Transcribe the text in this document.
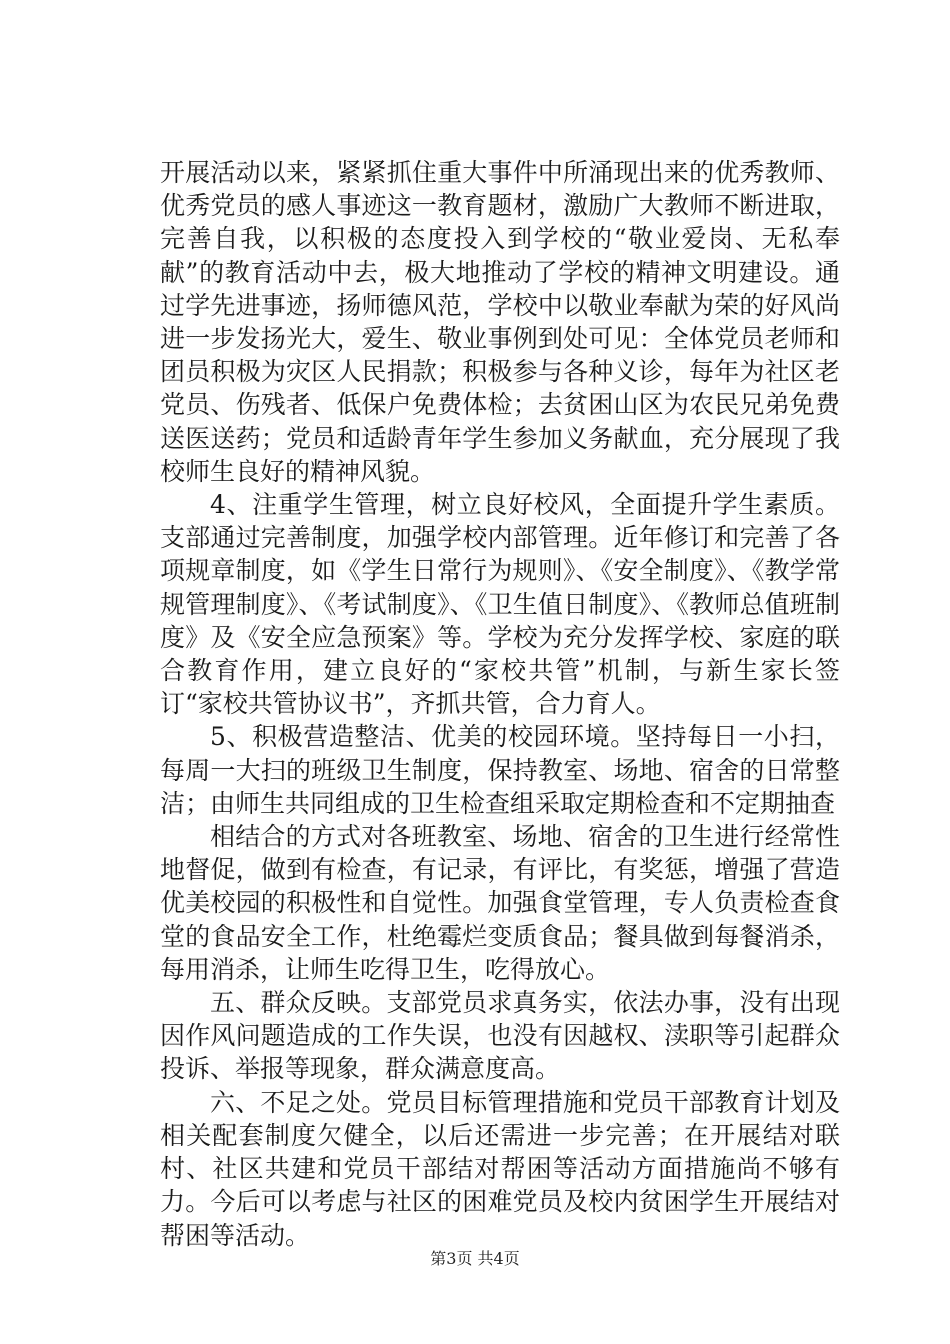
开展活动以来，紧紧抓住重大事件中所涌现出来的优秀教师、优秀党员的感人事迹这一教育题材，激励广大教师不断进取，完善自我，以积极的态度投入到学校的“敬业爱岗、无私奉献”的教育活动中去，极大地推动了学校的精神文明建设。通过学先进事迹，扬师德风范，学校中以敬业奉献为荣的好风尚进一步发扬光大，爱生、敬业事例到处可见：全体党员老师和团员积极为灾区人民捐款；积极参与各种义诊，每年为社区老党员、伤残者、低保户免费体检；去贫困山区为农民兄弟免费送医送药；党员和适龄青年学生参加义务献血，充分展现了我校师生良好的精神风貌。

4、注重学生管理，树立良好校风，全面提升学生素质。支部通过完善制度，加强学校内部管理。近年修订和完善了各项规章制度，如《学生日常行为规则》、《安全制度》、《教学常规管理制度》、《考试制度》、《卫生值日制度》、《教师总值班制度》及《安全应急预案》等。学校为充分发挥学校、家庭的联合教育作用，建立良好的“家校共管”机制，与新生家长签订“家校共管协议书”，齐抓共管，合力育人。

5、积极营造整洁、优美的校园环境。坚持每日一小扫，每周一大扫的班级卫生制度，保持教室、场地、宿舍的日常整洁；由师生共同组成的卫生检查组采取定期检查和不定期抽查

相结合的方式对各班教室、场地、宿舍的卫生进行经常性地督促，做到有检查，有记录，有评比，有奖惩，增强了营造优美校园的积极性和自觉性。加强食堂管理，专人负责检查食堂的食品安全工作，杜绝霉烂变质食品；餐具做到每餐消杀，每用消杀，让师生吃得卫生，吃得放心。

五、群众反映。支部党员求真务实，依法办事，没有出现因作风问题造成的工作失误，也没有因越权、渎职等引起群众投诉、举报等现象，群众满意度高。

六、不足之处。党员目标管理措施和党员干部教育计划及相关配套制度欠健全，以后还需进一步完善；在开展结对联村、社区共建和党员干部结对帮困等活动方面措施尚不够有力。今后可以考虑与社区的困难党员及校内贫困学生开展结对帮困等活动。

第3页 共4页
